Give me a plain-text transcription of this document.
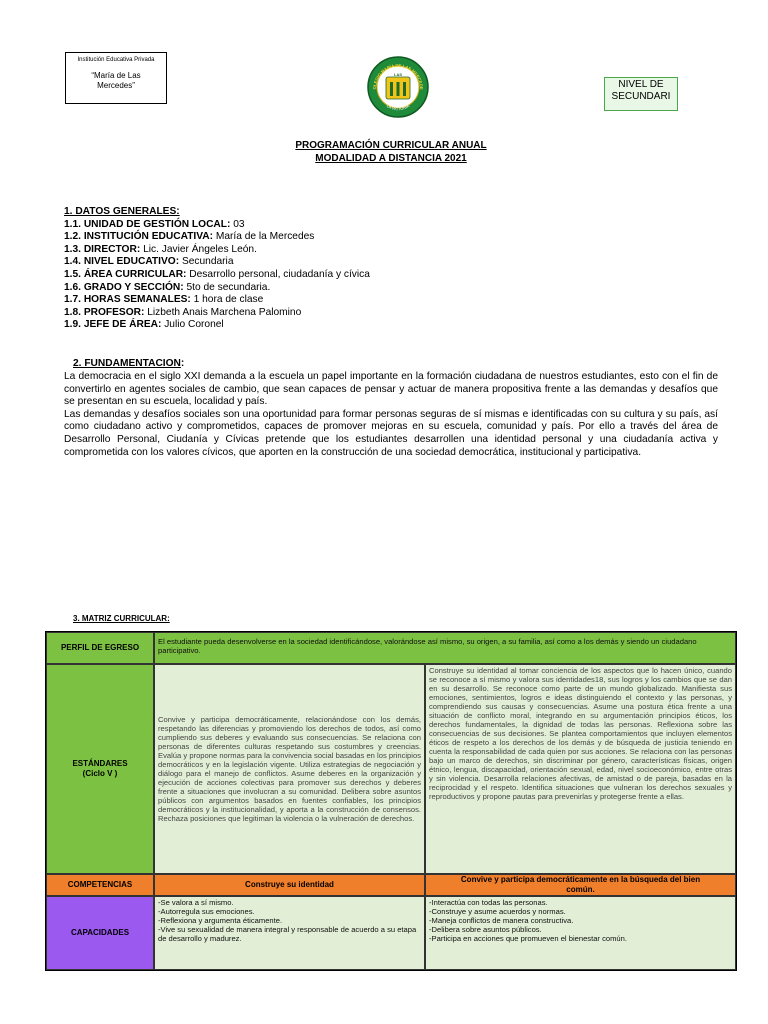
Institución Educativa Privada
“María de Las Mercedes”	OLEGIO MARÍA DE LAS MERCEDE
LA VICTORIA
LAS
NIVEL DE SECUNDARI
PROGRAMACIÓN CURRICULAR ANUAL
MODALIDAD A DISTANCIA 2021
1. DATOS GENERALES:
1.1. UNIDAD DE GESTIÓN LOCAL: 03
1.2. INSTITUCIÓN EDUCATIVA: María de la Mercedes
1.3. DIRECTOR: Lic. Javier Ángeles León.
1.4. NIVEL EDUCATIVO: Secundaria
1.5. ÁREA CURRICULAR: Desarrollo personal, ciudadanía y cívica
1.6. GRADO Y SECCIÓN: 5to de secundaria.
1.7. HORAS SEMANALES: 1 hora de clase
1.8. PROFESOR: Lizbeth Anais Marchena Palomino
1.9. JEFE DE ÁREA: Julio Coronel
2. FUNDAMENTACION:
La democracia en el siglo XXI demanda a la escuela un papel importante en la formación ciudadana de nuestros estudiantes, esto con el fin de convertirlo en agentes sociales de cambio, que sean capaces de pensar y actuar de manera propositiva frente a las demandas y desafíos que se presentan en su escuela, localidad y país.
Las demandas y desafíos sociales son una oportunidad para formar personas seguras de sí mismas e identificadas con su cultura y su país, así como ciudadano activo y comprometidos, capaces de promover mejoras en su escuela, comunidad y país. Por ello a través del área de Desarrollo Personal, Ciudanía y Cívicas pretende que los estudiantes desarrollen una identidad personal y una ciudadanía activa y comprometida con los valores cívicos, que aporten en la construcción de una sociedad democrática, institucional y participativa.
3. MATRIZ CURRICULAR:
PERFIL DE EGRESO
El estudiante pueda desenvolverse en la sociedad identificándose, valorándose así mismo, su origen, a su familia, así como a los demás y siendo un ciudadano participativo.
ESTÁNDARES (Ciclo V )
Convive y participa democráticamente, relacionándose con los demás, respetando las diferencias y promoviendo los derechos de todos, así como cumpliendo sus deberes y evaluando sus consecuencias. Se relaciona con personas de diferentes culturas respetando sus costumbres y creencias. Evalúa y propone normas para la convivencia social basadas en los principios democráticos y en la legislación vigente. Utiliza estrategias de negociación y diálogo para el manejo de conflictos. Asume deberes en la organización y ejecución de acciones colectivas para promover sus derechos y deberes frente a situaciones que involucran a su comunidad. Delibera sobre asuntos públicos con argumentos basados en fuentes confiables, los principios democráticos y la institucionalidad, y aporta a la construcción de consensos. Rechaza posiciones que legitiman la violencia o la vulneración de derechos.
Construye su identidad al tomar conciencia de los aspectos que lo hacen único, cuando se reconoce a sí mismo y valora sus identidades18, sus logros y los cambios que se dan en su desarrollo. Se reconoce como parte de un mundo globalizado. Manifiesta sus emociones, sentimientos, logros e ideas distinguiendo el contexto y las personas, y comprendiendo sus causas y consecuencias. Asume una postura ética frente a una situación de conflicto moral, integrando en su argumentación principios éticos, los derechos fundamentales, la dignidad de todas las personas. Reflexiona sobre las consecuencias de sus decisiones. Se plantea comportamientos que incluyen elementos éticos de respeto a los derechos de los demás y de búsqueda de justicia teniendo en cuenta la responsabilidad de cada quien por sus acciones. Se relaciona con las personas bajo un marco de derechos, sin discriminar por género, características físicas, origen étnico, lengua, discapacidad, orientación sexual, edad, nivel socioeconómico, entre otras y sin violencia. Desarrolla relaciones afectivas, de amistad o de pareja, basadas en la reciprocidad y el respeto. Identifica situaciones que vulneran los derechos sexuales y reproductivos y propone pautas para prevenirlas y protegerse frente a ellas.
COMPETENCIAS	Construye su identidad
Convive y participa democráticamente en la búsqueda del bien común.
CAPACIDADES
-Se valora a sí mismo.
-Autorregula sus emociones.
-Reflexiona y argumenta éticamente.
-Vive su sexualidad de manera integral y responsable de acuerdo a su etapa de desarrollo y madurez.
-Interactúa con todas las personas.
-Construye y asume acuerdos y normas.
-Maneja conflictos de manera constructiva.
-Delibera sobre asuntos públicos.
-Participa en acciones que promueven el bienestar común.
